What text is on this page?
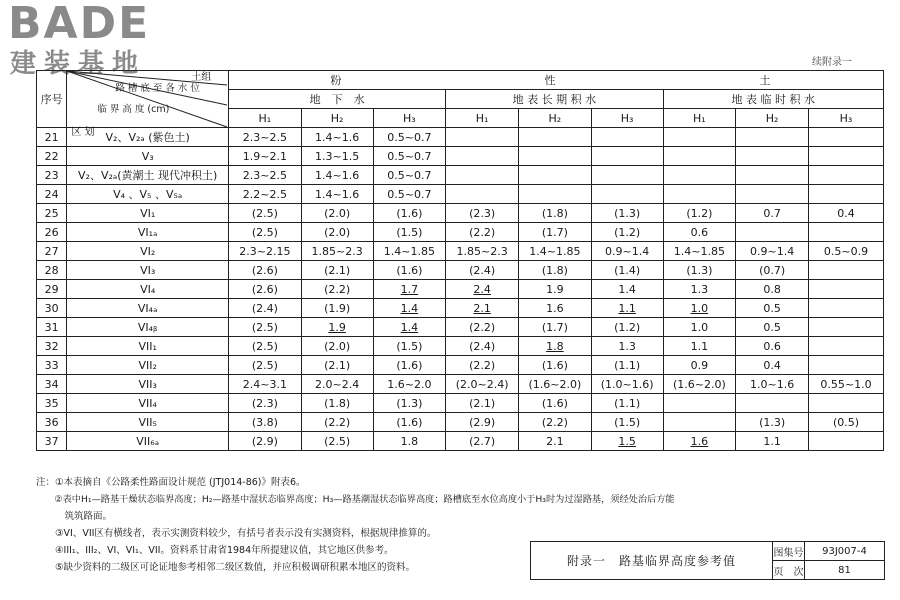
BADE
建装基地	续附录一
序号	土组
路 槽 底 至 各 水 位
临 界 高 度 (cm)
区 划	粉 性 土								
		地　下　水			地 表 长 期 积 水			地 表 临 时 积 水		
		H₁	H₂	H₃	H₁	H₂	H₃	H₁	H₂	H₃

21	V₂、V₂ₐ (紫色土)	2.3~2.5	1.4~1.6	0.5~0.7						
22	V₃	1.9~2.1	1.3~1.5	0.5~0.7						
23	V₂、V₂ₐ(黄潮土 现代冲积土)	2.3~2.5	1.4~1.6	0.5~0.7						
24	V₄ 、V₅ 、V₅ₐ	2.2~2.5	1.4~1.6	0.5~0.7						
25	VI₁	(2.5)	(2.0)	(1.6)	(2.3)	(1.8)	(1.3)	(1.2)	0.7	0.4
26	VI₁ₐ	(2.5)	(2.0)	(1.5)	(2.2)	(1.7)	(1.2)	0.6		
27	VI₂	2.3~2.15	1.85~2.3	1.4~1.85	1.85~2.3	1.4~1.85	0.9~1.4	1.4~1.85	0.9~1.4	0.5~0.9
28	VI₃	(2.6)	(2.1)	(1.6)	(2.4)	(1.8)	(1.4)	(1.3)	(0.7)	
29	VI₄	(2.6)	(2.2)	1.7	2.4	1.9	1.4	1.3	0.8	
30	VI₄ₐ	(2.4)	(1.9)	1.4	2.1	1.6	1.1	1.0	0.5	
31	VI₄ᵦ	(2.5)	1.9	1.4	(2.2)	(1.7)	(1.2)	1.0	0.5	
32	VII₁	(2.5)	(2.0)	(1.5)	(2.4)	1.8	1.3	1.1	0.6	
33	VII₂	(2.5)	(2.1)	(1.6)	(2.2)	(1.6)	(1.1)	0.9	0.4	
34	VII₃	2.4~3.1	2.0~2.4	1.6~2.0	(2.0~2.4)	(1.6~2.0)	(1.0~1.6)	(1.6~2.0)	1.0~1.6	0.55~1.0
35	VII₄	(2.3)	(1.8)	(1.3)	(2.1)	(1.6)	(1.1)			
36	VII₅	(3.8)	(2.2)	(1.6)	(2.9)	(2.2)	(1.5)		(1.3)	(0.5)
37	VII₆ₐ	(2.9)	(2.5)	1.8	(2.7)	2.1	1.5	1.6	1.1	
注：①本表摘自《公路柔性路面设计规范 (JTJ014-86)》附表6。
　　②表中H₁—路基干燥状态临界高度；H₂—路基中湿状态临界高度；H₃—路基潮湿状态临界高度；路槽底至水位高度小于H₃时为过湿路基，须经处治后方能
　　　筑筑路面。
　　③VI、VII区有横线者，表示实测资料较少，有括号者表示没有实测资料，根据规律推算的。
　　④III₁、III₂、VI、VI₁、VII。资料系甘肃省1984年所提建议值，其它地区供参考。
　　⑤缺少资料的二级区可论证地参考相邻二级区数值，并应积极调研积累本地区的资料。	附录一　路基临界高度参考值	图集号	93J007-4
	页　次	81
